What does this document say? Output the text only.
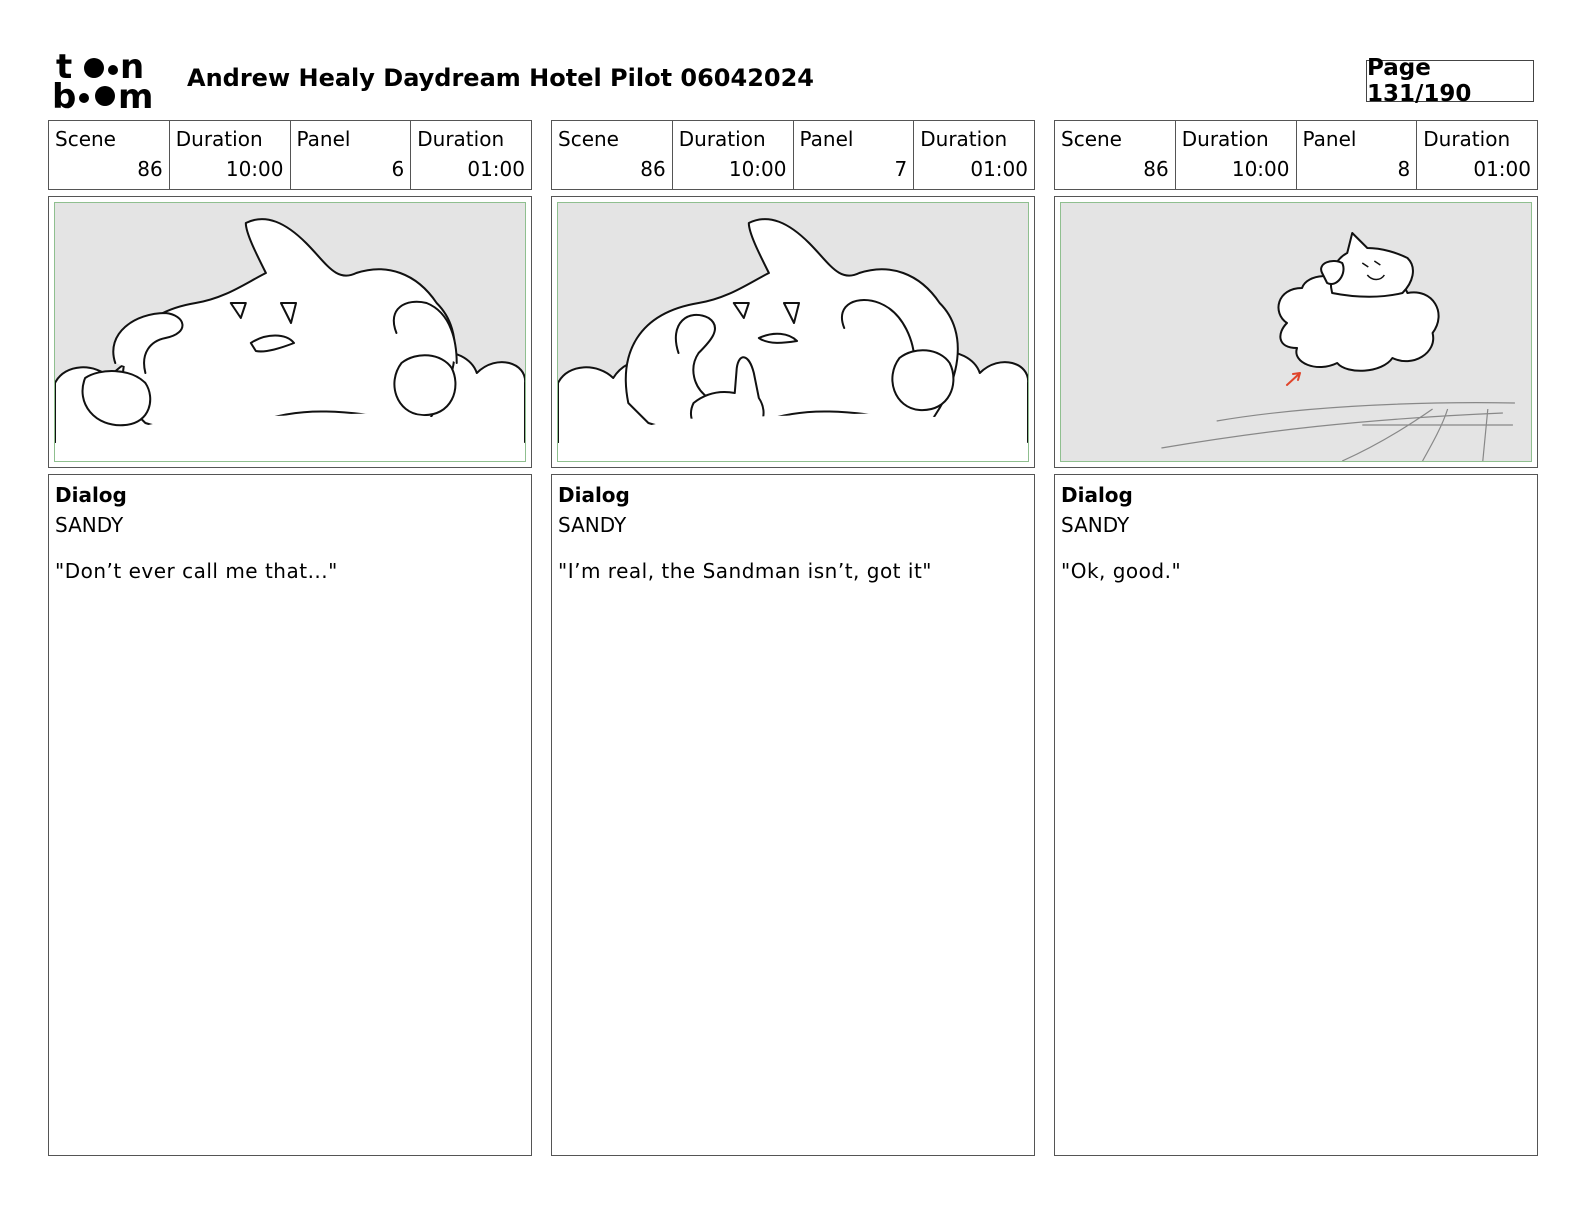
t n
b m Andrew Healy Daydream Hotel Pilot 06042024	Page 131/190
Scene
86
Duration
10:00
Panel
6
Duration
01:00
Dialog
SANDY
"Don’t ever call me that..."
Scene
86
Duration
10:00
Panel
7
Duration
01:00
Dialog
SANDY
"I’m real, the Sandman isn’t, got it"
Scene
86
Duration
10:00
Panel
8
Duration
01:00
Dialog
SANDY
"Ok, good."
